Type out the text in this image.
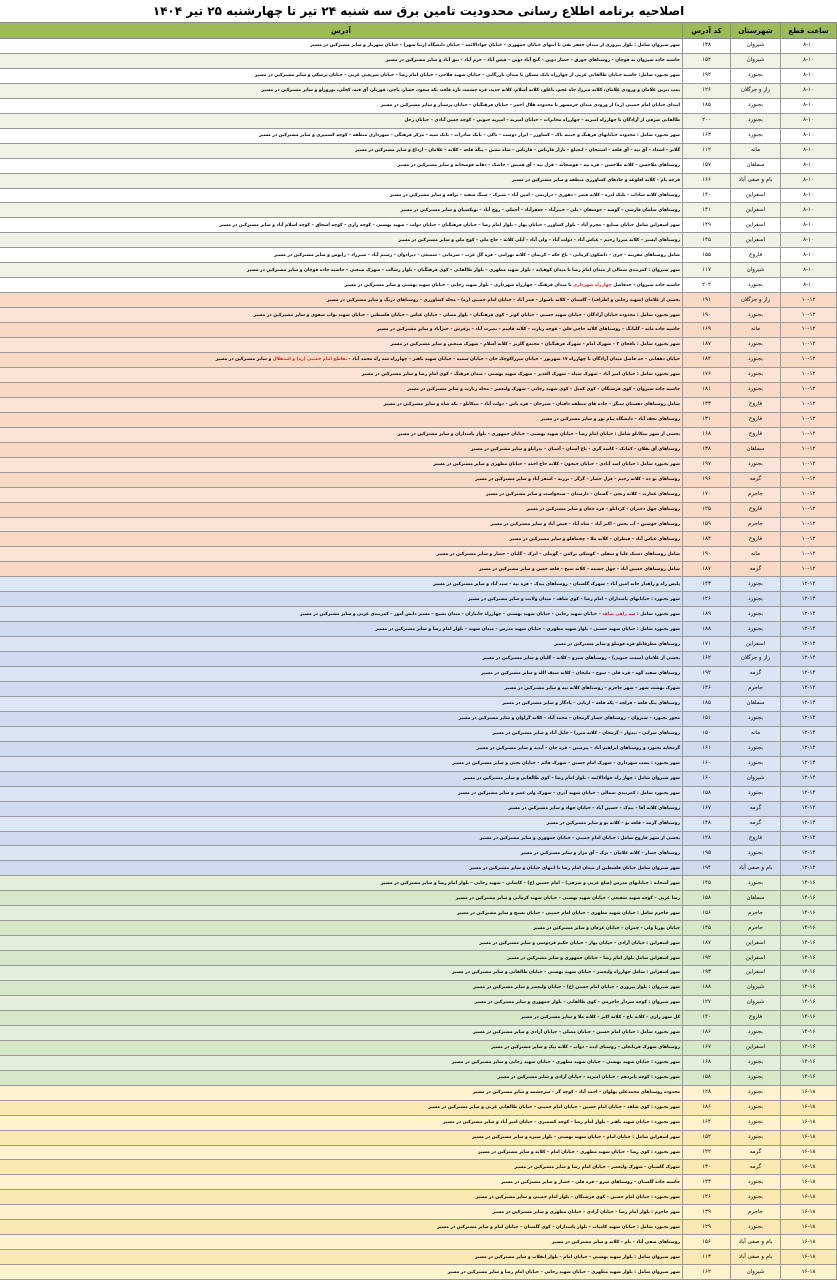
اصلاحیه برنامه اطلاع رسانی محدودیت تامین برق سه شنبه ۲۴ تیر تا چهارشنبه ۲۵ تیر ۱۴۰۴
ساعت قطع	شهرستان	کد آدرس	آدرس
۸-۱۰	شیروان	۱۳۸	شهر شیروان شامل : بلوار پیروزی از میدان جعفر تقی تا انتهای خیابان جمهوری – خیابان جوادالائمه – خیابان دانشگاه (زنبا شهر) – خیابان شهریار و سایر مشترکین در مسیر
۸-۱۰	شیروان	۱۵۴	حاشیه جاده شیروان به قوچان – روستاهای جوزق – حصار دوین – گنج آباد دوین – قیس آباد – خرم آباد – تنق آباد و سایر مشترکین در مسیر
۸-۱۰	بجنورد	۱۹۲	شهر بجنورد شامل: حاشیه خیابان طالقانی غربی از چهارراه بانک مسکن تا میدان بازرگانی – خیابان شهید فلاحی – خیابان امام رضا – خیابان شریعتی غربی – خیابان پزشکی و سایر مشترکین در مسیر
۸-۱۰	راز و جرگلان	۱۲۶	پمپ بنزین غلامان و ورودی غلامان، کلاته میرزا، چاه عجم، باغلق، کلاته آسلام، کلاته جدید، قره چشمه، تازه قلعه، یکه سعود، حصار، پاچی، قوریلر، آق قیه، کجلی، نوروزلو و سایر مشترکین در مسیر
۸-۱۰	بجنورد	۱۸۵	ابتدای خیابان امام خمینی (ره) از ورودی میدان خرمشهر تا محدوده هلال احمر – خیابان فرهنگیان – خیابان پرستار و سایر مشترکین در مسیر
۸-۱۰	بجنورد	۲۰۰	طالقانی شرقی از آزادگان تا چهارراه امیریه – چهارراه مخابرات – خیابان امیریه – امیریه جنوبی – کوچه حسن آبادی – خیابان رحل
۸-۱۰	بجنورد	۱۶۳	شهر بجنورد شامل : محدوده خیابانهای فرهنگ و جنیبه تاک – کشاورز – ابرار دوست – تاکی – بانک صادرات – بانک سپه – مرکز فرهنگی – شهرداری منطقه – کوچه کشمیری و سایر مشترکین در مسیر
۸-۱۰	مانه	۱۱۲	گلاتر – اسداد – آق تپه – آق قلعه – استیجان – انجیلغ – بازار قارناس – قارناس – شاه نشین – ینگه قلعه – کلاته – غلامان – ارداغ و سایر مشترکین در مسیر
۸-۱۰	سملقان	۱۵۷	روستاهای ملاحسن – کلاته ملاحسن – قره تپه – قوشخانه – قزل تپه – آق قمیش – جاشک – دهانه قوشخانه و سایر مشترکین در مسیر
۸-۱۰	بام و صفی آباد	۱۶۶	قرچه بام – کلاته افلوغه و جادهای کشاورزی منطقه و سایر مشترکین در مسیر
۸-۱۰	اسفراین	۱۴۰	روستاهای کلاته سادات – بلبک لدره – کلاته قصر – دهوری – درازنمی – امین آباد – شترک – سنگ سفید – برافه و سایر مشترکین در مسیر
۸-۱۰	اسفراین	۱۴۱	روستاهای سلمان فارسی – گوشه – جوشقان – تلی – خیبرآباد – جعفرآباد – آجملی – روح آباد – توپکشیان و سایر مشترکین در مسیر
۸-۱۰	اسفراین	۱۴۹	شهر اسفراین شامل خیابان صنایع – محرم آباد – بلوار کشاورز – خیابان بهار – بلوار امام رضا – خیابان فرهنگیان – خیابان دولت – شهید بهشتی – کوچه رازی – کوچه اسحاق – کوچه اسلام آباد و سایر مشترکین در مسیر
۸-۱۰	اسفراین	۱۴۵	روستاهای ایستر – کلاته میرزا رحیم – عیاس آباد – دولت آباد – ولی آباد – آیلی کلاته – حاج ملی – کوچ ملی و سایر مشترکین در مسیر
۸-۱۰	فاروج	۱۵۵	شامل روستاهای مقرینه – چری – داشکون کرمانی – باغ حکه – کریمان – کلاته بهرامی – قره گل عرب – سرمانی – سمیعی – دیزادوان – رستم آباد – شیرزاد – رابوش و سایر مشترکین در مسیر
۸-۱۰	شیروان	۱۱۷	شهر شیروان : کمربندی شمالی از میدان امام رضا تا میدان کوهپایه – بلوار شهید مطهری – بلوار طالقانی – کوی فرهنگیان – بلوار رسالت – شهرک صنعتی – حاشیه جاده قوچان و سایر مشترکین در مسیر
۸-۱۰	بجنورد	۲۰۲	حاشیه جاده شیروان – حدفاصل چهارراه شهرداری تا میدان فرهنگ – چهارراه شهرداری – بلوار شهید رجایی – خیابان شهید بهشتی و سایر مشترکین در مسیر
۱۰-۱۲	راز و جرگلان	۱۹۱	بخشی از غلامان (شهید رجایی و اطراف) – گلستان – کلاته ناسوار – قمر آباد – خیابان امام خمینی (ره) – محله کشاورزی – روستاهای درنگ و سایر مشترکین در مسیر
۱۰-۱۲	بجنورد	۱۹۰	شهر بجنورد شامل : محدوده خیابان آزادگان – خیابان شهید حسنی – خیابان کوثر – کوی فرهنگیان – بلوار مصلی – خیابان عباس – خیابان فلسطین – خیابان شهید نواب صفوی و سایر مشترکین در مسیر
۱۰-۱۲	مانه	۱۶۹	حاشیه جاده مانه – گلبانگ – روستاهای کلاته حاجی قلی – قوچه زیارت – کلاته قاسم – نصرت آباد – برفرش – خیرآباد و سایر مشترکین در مسیر
۱۰-۱۲	بجنورد	۱۸۷	شهر بجنورد شامل : بافخان ۲ – شهرک امام – شهرک فرهنگیان – مجتمع گلریز – کلاته آسلام – شهرک صنعتی و سایر مشترکین در مسیر
۱۰-۱۲	بجنورد	۱۸۲	خیابان دهقانی – حد فاصل میدان آزادگان تا چهارراه ۱۷ شهریور – خیابان میرزاکوچک خان – خیابان سمیه – خیابان شهید باهنر – چهارراه سه راه محمد آباد – تقاطع امام خمینی (ره) و استقلال و سایر مشترکین در مسیر
۱۰-۱۲	بجنورد	۱۷۶	شهر بجنورد شامل : خیابان امیر آباد – شهرک سپاه – شهرک الغدیر – شهرک شهید بهشتی – میدان فرهنگ – کوی امام رضا و سایر مشترکین در مسیر
۱۰-۱۲	بجنورد	۱۸۱	حاشیه جاده شیروان – کوی فرشتگان – کوی کمیل – کوی شهید رجایی – شهرک ولیعصر – محله زیارت و سایر مشترکین در مسیر
۱۰-۱۲	فاروج	۱۳۳	شامل روستاهای دهستان سنگر – جاده های منطقه دافیان – شیرخان – قره باش – دولت آباد – تیتکانلو – یکه شاه و سایر مشترکین در مسیر
۱۰-۱۲	فاروج	۱۳۱	روستاهای نجف آباد – دانشگاه پیام نور و سایر مشترکین در مسیر
۱۰-۱۲	فاروج	۱۶۸	بخشی از شهر تیتکانلو شامل : خیابان امام رضا – خیابان شهید بهشتی – خیابان جمهوری – بلوار پاسداران و سایر مشترکین در مسیر
۱۰-۱۲	سملقان	۱۳۸	روستاهای آق تقلان – کمانک – کاسه گری – باغ آستان – آستان – بدرانلو و سایر مشترکین در مسیر
۱۰-۱۲	بجنورد	۱۹۷	شهر بجنورد شامل : خیابان اسد آبادی – خیابان جیحون – کلاته حاج احمد – خیابان مطهری و سایر مشترکین در مسیر
۱۰-۱۲	گرمه	۱۹۶	روستاهای نو ده – کلاته رحیم – قزل حصار – گرگر – ترزنه – اسفر آباد و سایر مشترکین در مسیر
۱۰-۱۲	جاجرم	۱۷۰	روستاهای عمارت – کلاته زنجی – گستان – دارستان – سنخواست و سایر مشترکین در مسیر
۱۰-۱۲	فاروج	۱۲۵	روستاهای چهل دختران – کردانلو – قره جغان و سایر مشترکین در مسیر
۱۰-۱۲	جاجرم	۱۵۹	روستاهای خوشین – آب بخش – اکبر آباد – شاه آباد – فیض آباد و سایر مشترکین در مسیر
۱۰-۱۲	فاروج	۱۸۴	روستاهای عباس آباد – قیطران – کلاته ملا – چخماقلو و سایر مشترکین در مسیر
۱۰-۱۲	مانه	۱۹۰	شامل روستاهای دشتک علیا و سفلی – کوشکی ترکمن – گوینلی – اترک – گلیان – حصار و سایر مشترکین در مسیر
۱۰-۱۲	گرمه	۱۸۷	شامل روستاهای حسین آباد – چهل چشمه – کلاته شیخ – قلعه حسن و سایر مشترکین در مسیر
۱۲-۱۴	بجنورد	۱۴۳	پلیس راه و راهدار خانه امین آباد – شهرک گلستان – روستاهای بیدک – قره تپه – سید آباد و سایر مشترکین در مسیر
۱۲-۱۴	بجنورد	۱۴۶	شهر بجنورد : خیابانهای پاسداران – امام رضا – کوی شاهد – میدان ولایت و سایر مشترکین در مسیر
۱۲-۱۴	بجنورد	۱۸۹	شهر بجنورد شامل : سه راهی شاهد – خیابان شهید رجایی – خیابان شهید بهشتی – چهارراه جانبازان – میدان بسیج – مسیر دانش آموز – کمربندی غربی و سایر مشترکین در مسیر
۱۲-۱۴	بجنورد	۱۸۸	شهر بجنورد شامل : خیابان شهید حسنی – بلوار شهید مطهری – خیابان شهید مدرس – میدان شهید – بلوار امام رضا و سایر مشترکین در مسیر
۱۲-۱۴	اسفراین	۱۷۱	روستاهای مطرقانلو قره قوینلو و سایر مشترکین در مسیر
۱۲-۱۴	راز و جرگلان	۱۶۲	بخشی از غلامان (سمت جنوبی) – روستاهای شیرو – کلاته – گلیان و سایر مشترکین در مسیر
۱۲-۱۴	گرمه	۱۹۲	روستاهای سفید گوه – قره قلی – سوخ – ملیخان – کلاته سیف الله و سایر مشترکین در مسیر
۱۲-۱۴	جاجرم	۱۴۶	شهرک بهشت شهر – شهر جاجرم – روستاهای کلاته تپه و سایر مشترکین در مسیر
۱۲-۱۴	سملقان	۱۸۵	روستاهای ینگ قلعه – قزلجه – یکه قلعه – اربابی – یادگار و سایر مشترکین در مسیر
۱۲-۱۴	بجنورد	۱۵۱	محور بجنورد – شیروان – روستاهای حصار گرمخان – محمد آباد – کلاته گراوان و سایر مشترکین در مسیر
۱۲-۱۴	مانه	۱۵۰	روستاهای سرانی – بیدواز – گرمخان – کلاته میرزا – خلیل آباد و سایر مشترکین در مسیر
۱۲-۱۴	بجنورد	۱۶۱	گرمخانه بجنورد و روستاهای ابراهیم آباد – پیرسین – قره خان – آبدید و سایر مشترکین در مسیر
۱۲-۱۴	بجنورد	۱۶۰	شهر بجنورد : پشت شهرداری – شهرک امام حسین – شهرک قائم – خیابان تختی و سایر مشترکین در مسیر
۱۲-۱۴	شیروان	۱۶۰	شهر شیروان شامل : چهار راه جوادالائمه – بلوار امام رضا – کوی طالقانی و سایر مشترکین در مسیر
۱۲-۱۴	بجنورد	۱۵۸	شهر بجنورد شامل : کمربندی شمالی – خیابان شهید آذری – شهرک ولی عصر و سایر مشترکین در مسیر
۱۲-۱۴	گرمه	۱۶۷	روستاهای کلاته آقا – بیدک – حسین آباد – خیابان جهاد و سایر مشترکین در مسیر
۱۲-۱۴	گرمه	۱۴۸	روستاهای گرمه – قلعه نو – کلاته نو و سایر مشترکین در مسیر
۱۲-۱۴	فاروج	۱۲۸	بخشی از شهر فاروج شامل : خیابان امام خمینی – خیابان جمهوری و سایر مشترکین در مسیر
۱۲-۱۴	بجنورد	۱۹۵	روستاهای حصار – کلاته غلامان – ترک – آق مزار و سایر مشترکین در مسیر
۱۲-۱۴	بام و صفی آباد	۱۹۴	شهر شیروان شامل خیابان فلسطین از میدان امام رضا تا انتهای خیابان و سایر مشترکین در مسیر
۱۴-۱۶	بجنورد	۱۴۵	شهر آشخانه : خیابانهای مدرس (ضلع غربی و شرقی) – امام حسین (ع) – کاشانی – شهید رجایی – بلوار امام رضا و سایر مشترکین در مسیر
۱۴-۱۶	سملقان	۱۵۸	رضا غربی – کوچه شهید شفیعی – خیابان شهید بهشتی – خیابان شهید کرمانی و سایر مشترکین در مسیر
۱۴-۱۶	جاجرم	۱۵۶	شهر جاجرم شامل : خیابان شهید مطهری – خیابان امام خمینی – خیابان بسیج و سایر مشترکین در مسیر
۱۴-۱۶	جاجرم	۱۴۵	خیابان پوریا ولی – چمران – خیابان عرفان و سایر مشترکین در مسیر
۱۴-۱۶	اسفراین	۱۸۷	شهر اسفراین : خیابان آزادی – خیابان بهار – خیابان حکیم فردوسی و سایر مشترکین در مسیر
۱۴-۱۶	اسفراین	۱۹۲	شهر اسفراین شامل بلوار امام رضا – خیابان جمهوری و سایر مشترکین در مسیر
۱۴-۱۶	اسفراین	۱۹۳	شهر اسفراین : شامل چهارراه ولیعصر – خیابان شهید بهشتی – خیابان طالقانی و سایر مشترکین در مسیر
۱۴-۱۶	شیروان	۱۸۸	شهر شیروان : بلوار پیروزی – خیابان امام حسین (ع) – خیابان ولیعصر و سایر مشترکین در مسیر
۱۴-۱۶	شیروان	۱۲۷	شهر شیروان : کوچه سردار جاجرمی – کوی طالقانی – بلوار جمهوری و سایر مشترکین در مسیر
۱۴-۱۶	فاروج	۱۴۰	کل شهر رازی – کلاته تاج – کلاته اکبر – کلاته ملا و سایر مشترکین در مسیر
۱۴-۱۶	بجنورد	۱۸۶	شهر بجنورد شامل : خیابان امام حسین – خیابان مصلی – خیابان آزادی و سایر مشترکین در مسیر
۱۴-۱۶	اسفراین	۱۶۷	روستاهای شهرک قربانعلی – روستای ایده – دوآب – کلاته بیک و سایر مشترکین در مسیر
۱۴-۱۶	بجنورد	۱۶۸	شهر بجنورد : خیابان شهید بهشتی – خیابان شهید مطهری – خیابان شهید رجایی و سایر مشترکین در مسیر
۱۴-۱۶	بجنورد	۱۵۸	شهر بجنورد : کوچه پانزدهم – خیابان امیریه – خیابان آزادی و سایر مشترکین در مسیر
۱۶-۱۸	بجنورد	۱۲۸	محدوده روستاهای محمدعلی پهلوان – احمد آباد – کوچه گز – سرچشمه و سایر مشترکین در مسیر
۱۶-۱۸	بجنورد	۱۸۶	شهر بجنورد : کوی شاهد – خیابان امام حسین – خیابان امام خمینی – خیابان طالقانی غربی و سایر مشترکین در مسیر
۱۶-۱۸	بجنورد	۱۶۴	شهر بجنورد : خیابان شهید باهنر – بلوار امام رضا – کوچه کشمیری – خیابان امیر آباد و سایر مشترکین در مسیر
۱۶-۱۸	بجنورد	۱۵۲	شهر اسفراین شامل : خیابان امام – خیابان شهید بهشتی – بلوار سبزه و سایر مشترکین در مسیر
۱۶-۱۸	گرمه	۱۲۲	شهر بجنورد : کوی رضا – خیابان شهید مطهری – خیابان امام – کلاته و سایر مشترکین در مسیر
۱۶-۱۸	گرمه	۱۳۰	شهرک گلستان – شهرک ولیعصر – خیابان امام رضا و سایر مشترکین در مسیر
۱۶-۱۸	بجنورد	۱۲۳	حاشیه جاده گلستان – روستاهای سرو – قره قلی – حصار و سایر مشترکین در مسیر
۱۶-۱۸	بجنورد	۱۴۶	شهر بجنورد : خیابان امام حسین – کوی فرشتگان – بلوار امام خمینی و سایر مشترکین در مسیر
۱۶-۱۸	جاجرم	۱۳۹	شهر جاجرم : بلوار امام رضا – خیابان آزادی – خیابان مطهری و سایر مشترکین در مسیر
۱۶-۱۸	بجنورد	۱۲۹	شهر بجنورد شامل : خیابان شهید کامیاب – بلوار پاسداران – کوی گلستان – خیابان امام و سایر مشترکین در مسیر
۱۶-۱۸	بام و صفی آباد	۱۵۶	روستاهای صفی آباد – بام – کلاته و سایر مشترکین در مسیر
۱۶-۱۸	بام و صفی آباد	۱۱۳	شهر شیروان شامل : بلوار شهید بهشتی – خیابان امام – بلوار انقلاب و سایر مشترکین در مسیر
۱۶-۱۸	شیروان	۱۶۲	شهر شیروان شامل : بلوار شهید مطهری – خیابان شهید رجایی – خیابان امام رضا و سایر مشترکین در مسیر
